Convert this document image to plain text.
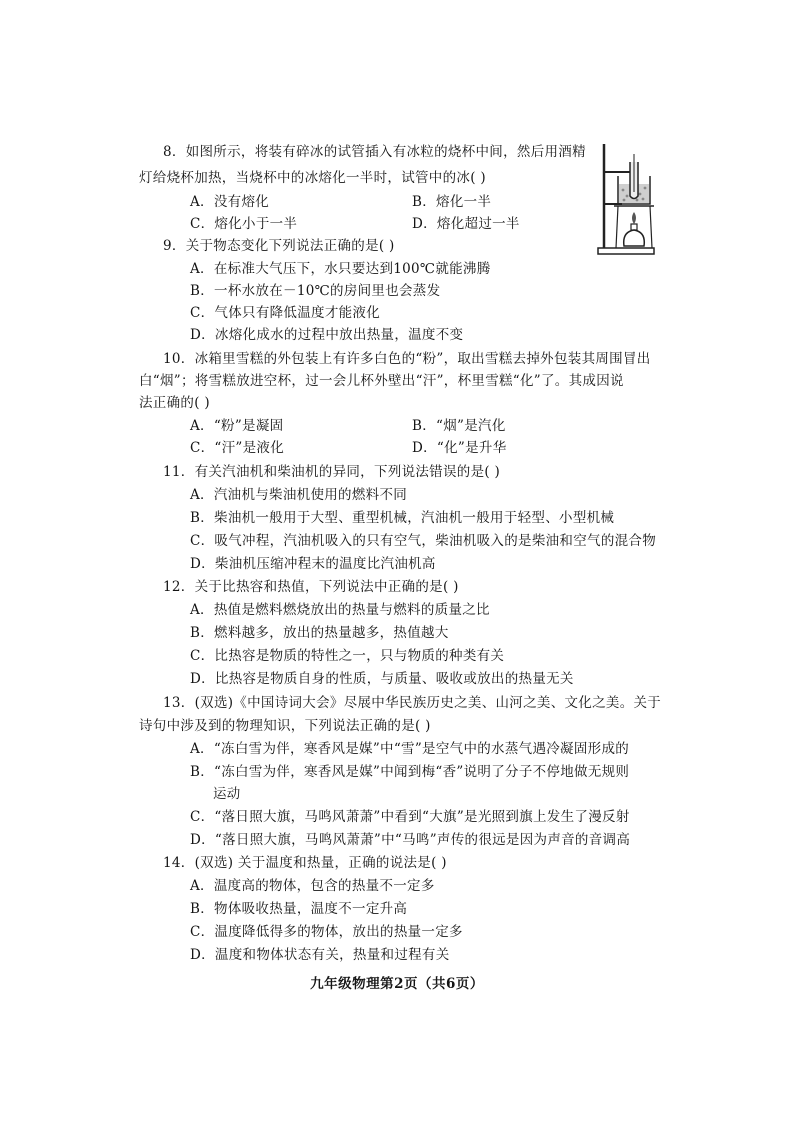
8．如图所示，将装有碎冰的试管插入有冰粒的烧杯中间，然后用酒精
灯给烧杯加热，当烧杯中的冰熔化一半时，试管中的冰( )
A．没有熔化	B．熔化一半
C．熔化小于一半	D．熔化超过一半
9．关于物态变化下列说法正确的是( )
A．在标准大气压下，水只要达到100℃就能沸腾
B．一杯水放在－10℃的房间里也会蒸发
C．气体只有降低温度才能液化
D．冰熔化成水的过程中放出热量，温度不变
10．冰箱里雪糕的外包装上有许多白色的“粉”，取出雪糕去掉外包装其周围冒出
白“烟”；将雪糕放进空杯，过一会儿杯外壁出“汗”，杯里雪糕“化”了。其成因说
法正确的( )
A．“粉”是凝固	B．“烟”是汽化
C．“汗”是液化	D．“化”是升华
11．有关汽油机和柴油机的异同，下列说法错误的是( )
A．汽油机与柴油机使用的燃料不同
B．柴油机一般用于大型、重型机械，汽油机一般用于轻型、小型机械
C．吸气冲程，汽油机吸入的只有空气，柴油机吸入的是柴油和空气的混合物
D．柴油机压缩冲程末的温度比汽油机高
12．关于比热容和热值，下列说法中正确的是( )
A．热值是燃料燃烧放出的热量与燃料的质量之比
B．燃料越多，放出的热量越多，热值越大
C．比热容是物质的特性之一，只与物质的种类有关
D．比热容是物质自身的性质，与质量、吸收或放出的热量无关
13．(双选)《中国诗词大会》尽展中华民族历史之美、山河之美、文化之美。关于
诗句中涉及到的物理知识，下列说法正确的是( )
A．“冻白雪为伴，寒香风是媒”中“雪”是空气中的水蒸气遇冷凝固形成的
B．“冻白雪为伴，寒香风是媒”中闻到梅“香”说明了分子不停地做无规则
运动
C．“落日照大旗，马鸣风萧萧”中看到“大旗”是光照到旗上发生了漫反射
D．“落日照大旗，马鸣风萧萧”中“马鸣”声传的很远是因为声音的音调高
14．(双选) 关于温度和热量，正确的说法是( )
A．温度高的物体，包含的热量不一定多
B．物体吸收热量，温度不一定升高
C．温度降低得多的物体，放出的热量一定多
D．温度和物体状态有关，热量和过程有关
九年级物理第2页（共6页）
